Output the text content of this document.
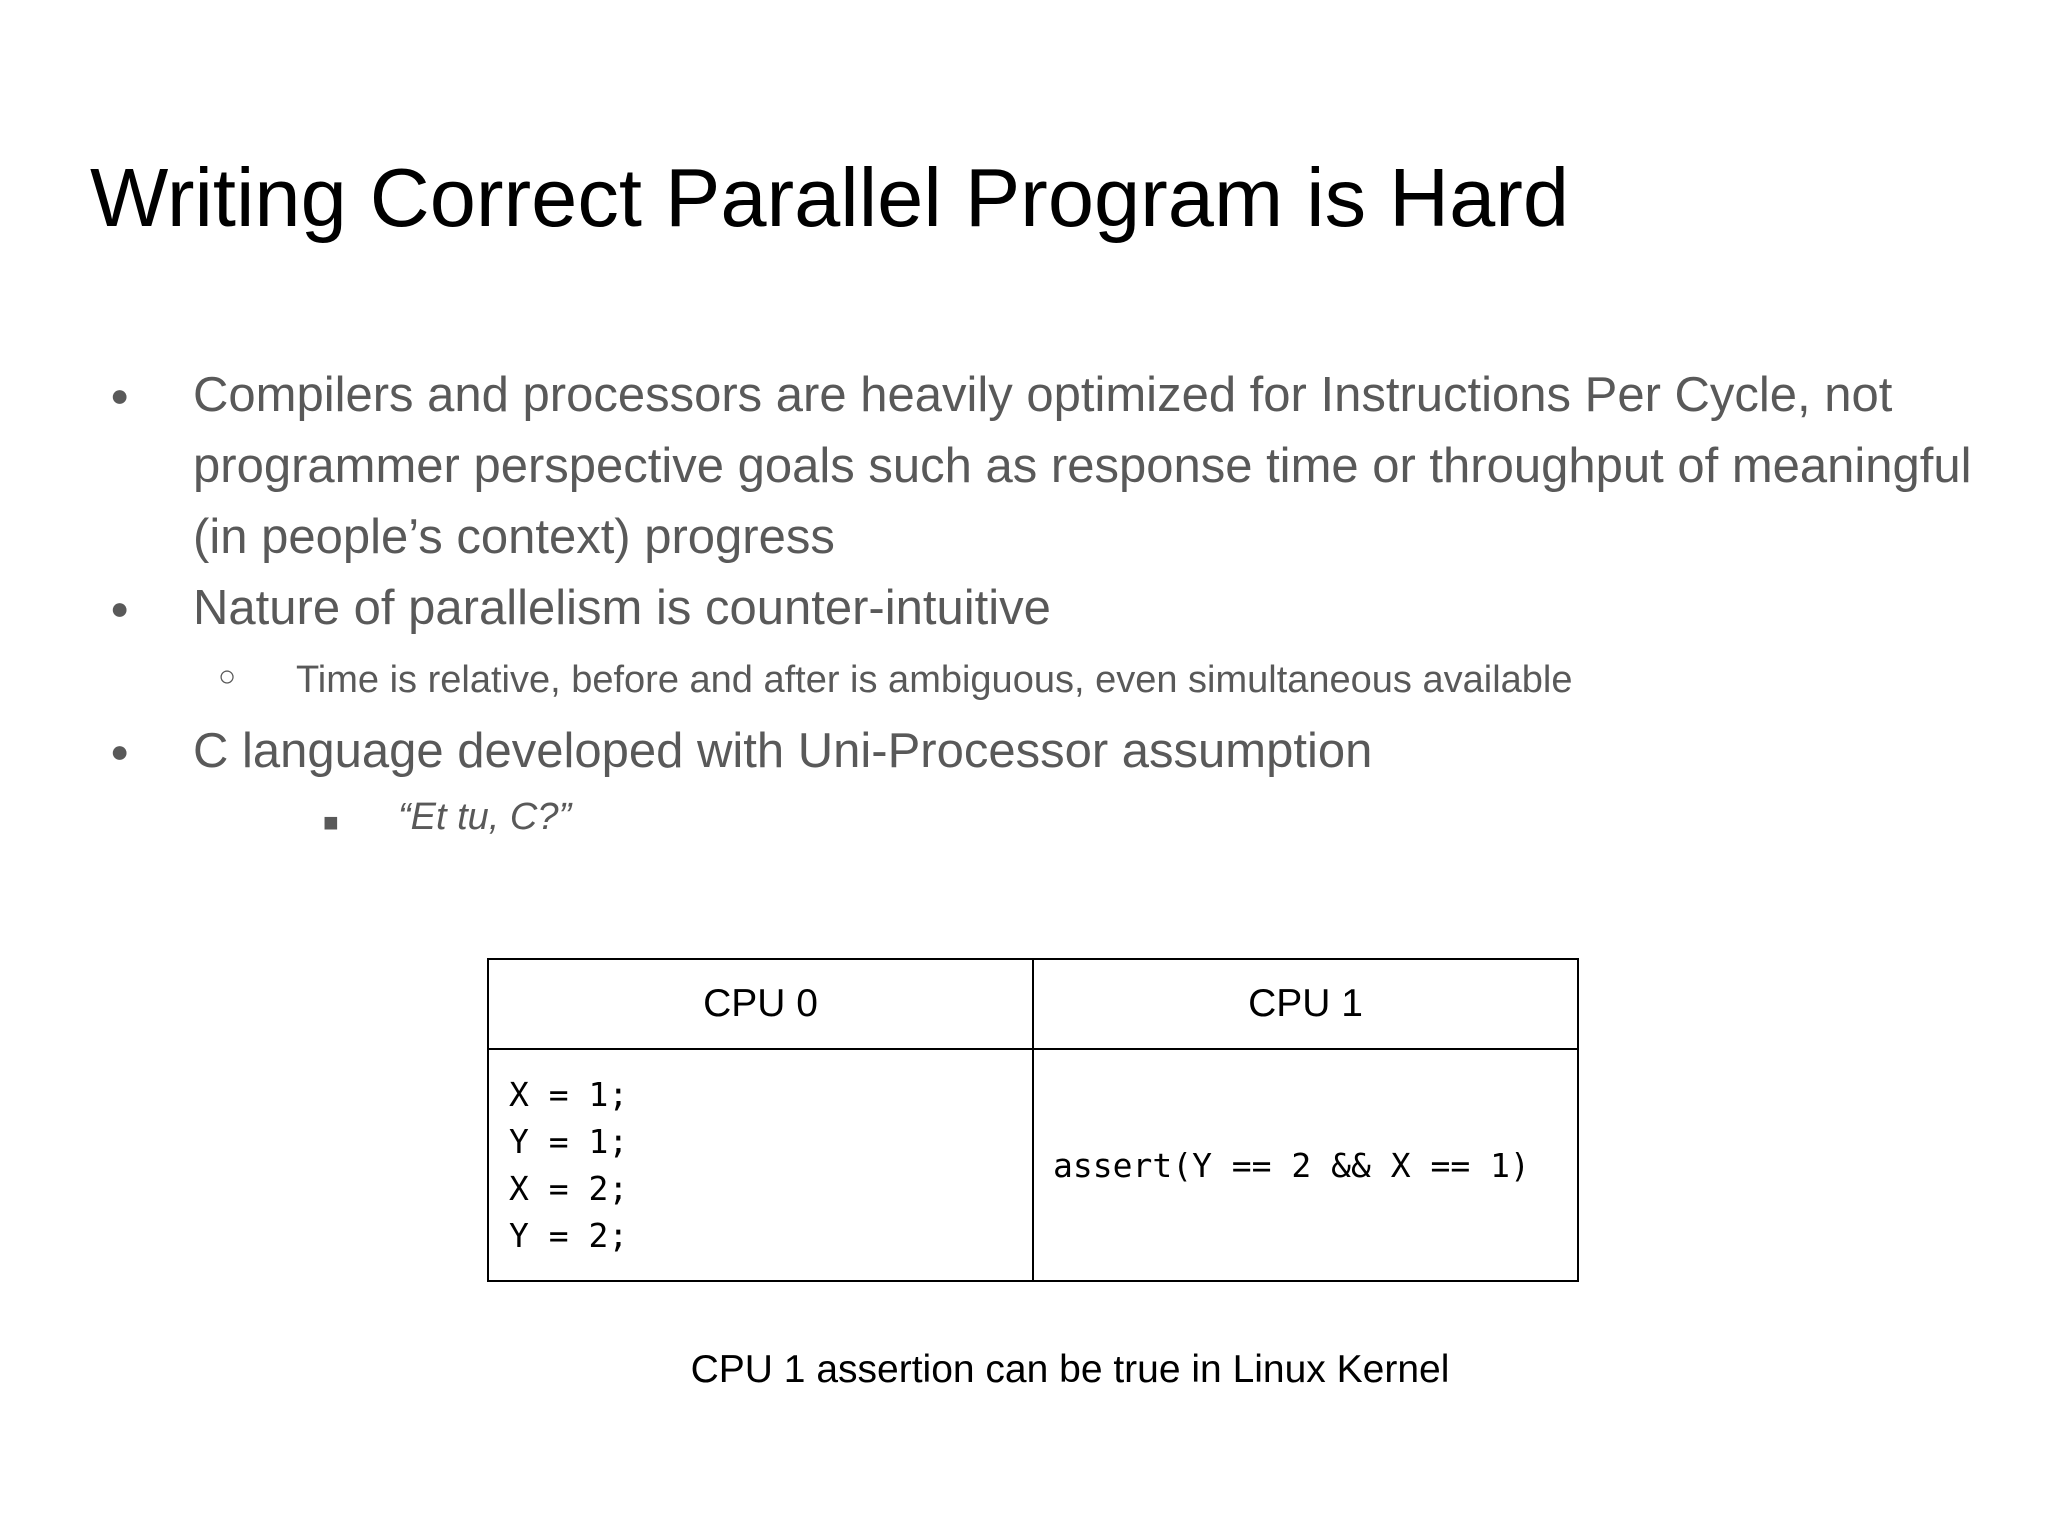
Writing Correct Parallel Program is Hard
● Compilers and processors are heavily optimized for Instructions Per Cycle, not programmer perspective goals such as response time or throughput of meaningful (in people’s context) progress
● Nature of parallelism is counter-intuitive
○ Time is relative, before and after is ambiguous, even simultaneous available
● C language developed with Uni-Processor assumption
■ “Et tu, C?”
CPU 0	CPU 1

X = 1;
Y = 1;
X = 2;
Y = 2;	assert(Y == 2 && X == 1)
CPU 1 assertion can be true in Linux Kernel
